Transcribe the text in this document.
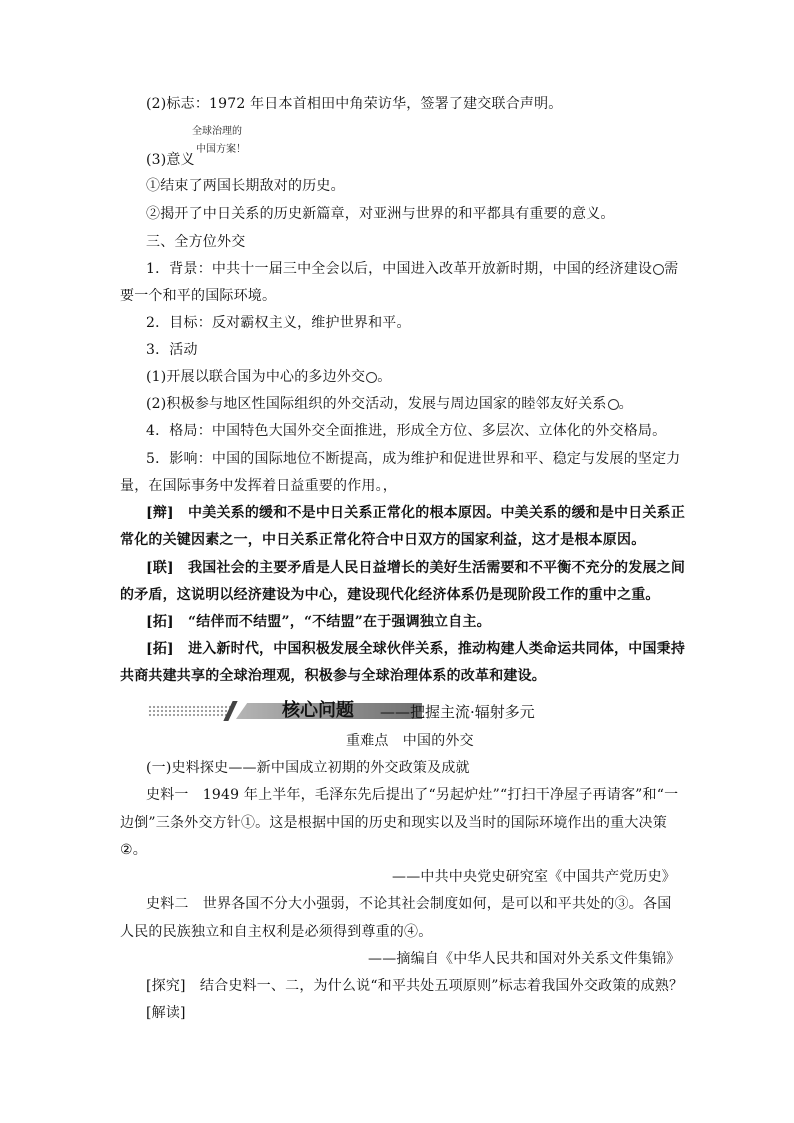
(2)标志：1972 年日本首相田中角荣访华，签署了建交联合声明。
全球治理的
中国方案！
(3)意义
①结束了两国长期敌对的历史。
②揭开了中日关系的历史新篇章，对亚洲与世界的和平都具有重要的意义。
三、全方位外交
1．背景：中共十一届三中全会以后，中国进入改革开放新时期，中国的经济建设 需
要一个和平的国际环境。
2．目标：反对霸权主义，维护世界和平。
3．活动
(1)开展以联合国为中心的多边外交 。
(2)积极参与地区性国际组织的外交活动，发展与周边国家的睦邻友好关系 。
4．格局：中国特色大国外交全面推进，形成全方位、多层次、立体化的外交格局。
5．影响：中国的国际地位不断提高，成为维护和促进世界和平、稳定与发展的坚定力
量，在国际事务中发挥着日益重要的作用。，
[辩]　中美关系的缓和不是中日关系正常化的根本原因。中美关系的缓和是中日关系正
常化的关键因素之一，中日关系正常化符合中日双方的国家利益，这才是根本原因。
[联]　我国社会的主要矛盾是人民日益增长的美好生活需要和不平衡不充分的发展之间
的矛盾，这说明以经济建设为中心，建设现代化经济体系仍是现阶段工作的重中之重。
[拓]　“结伴而不结盟”，“不结盟”在于强调独立自主。
[拓]　进入新时代，中国积极发展全球伙伴关系，推动构建人类命运共同体，中国秉持
共商共建共享的全球治理观，积极参与全球治理体系的改革和建设。
核心问题 ——把握主流·辐射多元
重难点　中国的外交
(一)史料探史——新中国成立初期的外交政策及成就
史料一　1949 年上半年，毛泽东先后提出了“另起炉灶”“打扫干净屋子再请客”和“一
边倒”三条外交方针①。这是根据中国的历史和现实以及当时的国际环境作出的重大决策
②。
——中共中央党史研究室《中国共产党历史》
史料二　世界各国不分大小强弱，不论其社会制度如何，是可以和平共处的③。各国
人民的民族独立和自主权利是必须得到尊重的④。
——摘编自《中华人民共和国对外关系文件集锦》
[探究]　结合史料一、二，为什么说“和平共处五项原则”标志着我国外交政策的成熟？
[解读]
